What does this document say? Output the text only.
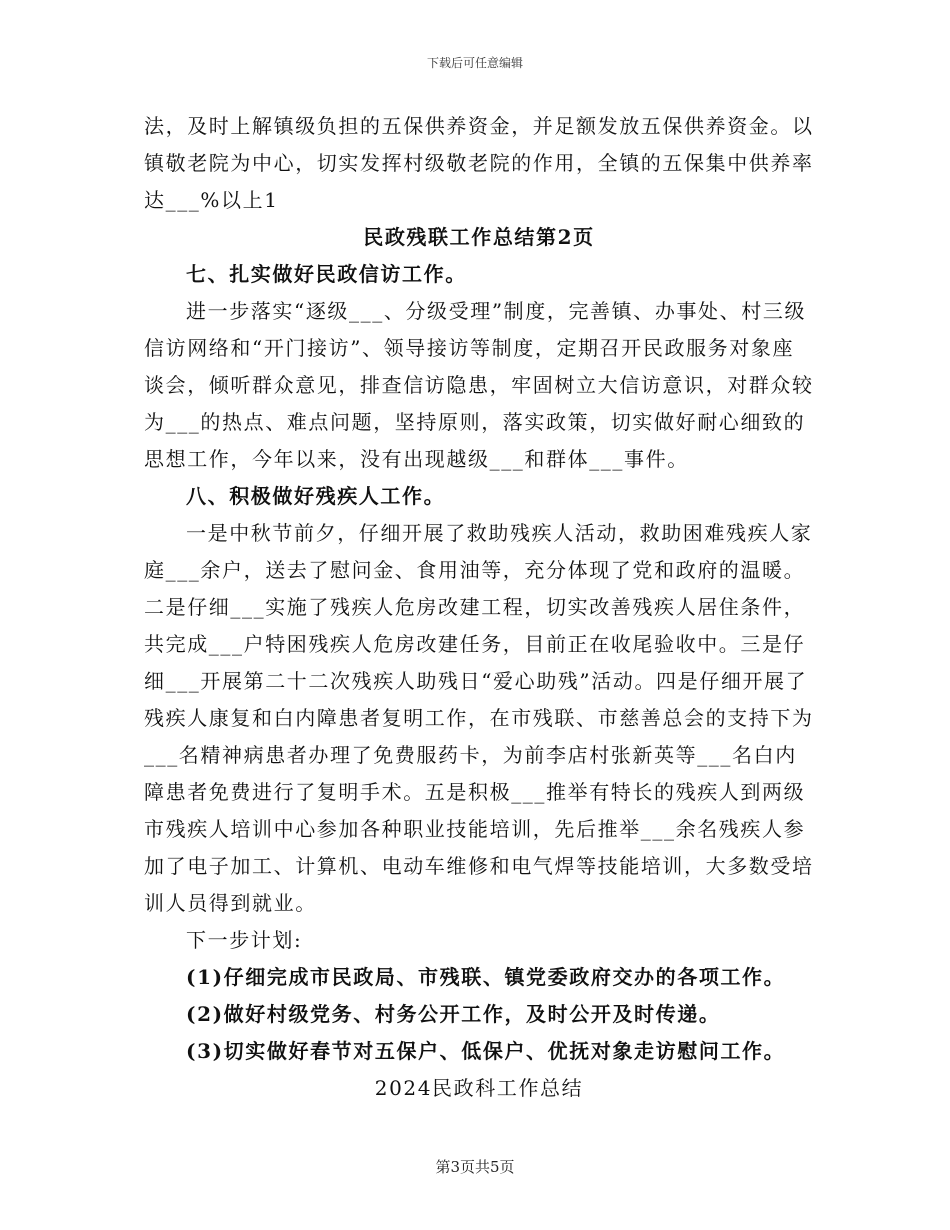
下载后可任意编辑

法，及时上解镇级负担的五保供养资金，并足额发放五保供养资金。以镇敬老院为中心，切实发挥村级敬老院的作用，全镇的五保集中供养率达___%以上1

民政残联工作总结第2页

七、扎实做好民政信访工作。

进一步落实“逐级___、分级受理”制度，完善镇、办事处、村三级信访网络和“开门接访”、领导接访等制度，定期召开民政服务对象座谈会，倾听群众意见，排查信访隐患，牢固树立大信访意识，对群众较为___的热点、难点问题，坚持原则，落实政策，切实做好耐心细致的思想工作，今年以来，没有出现越级___和群体___事件。

八、积极做好残疾人工作。

一是中秋节前夕，仔细开展了救助残疾人活动，救助困难残疾人家庭___余户，送去了慰问金、食用油等，充分体现了党和政府的温暖。二是仔细___实施了残疾人危房改建工程，切实改善残疾人居住条件，共完成___户特困残疾人危房改建任务，目前正在收尾验收中。三是仔细___开展第二十二次残疾人助残日“爱心助残”活动。四是仔细开展了残疾人康复和白内障患者复明工作，在市残联、市慈善总会的支持下为___名精神病患者办理了免费服药卡，为前李店村张新英等___名白内障患者免费进行了复明手术。五是积极___推举有特长的残疾人到两级市残疾人培训中心参加各种职业技能培训，先后推举___余名残疾人参加了电子加工、计算机、电动车维修和电气焊等技能培训，大多数受培训人员得到就业。

下一步计划:

(1)仔细完成市民政局、市残联、镇党委政府交办的各项工作。

(2)做好村级党务、村务公开工作，及时公开及时传递。

(3)切实做好春节对五保户、低保户、优抚对象走访慰问工作。

2024民政科工作总结

第3页共5页
